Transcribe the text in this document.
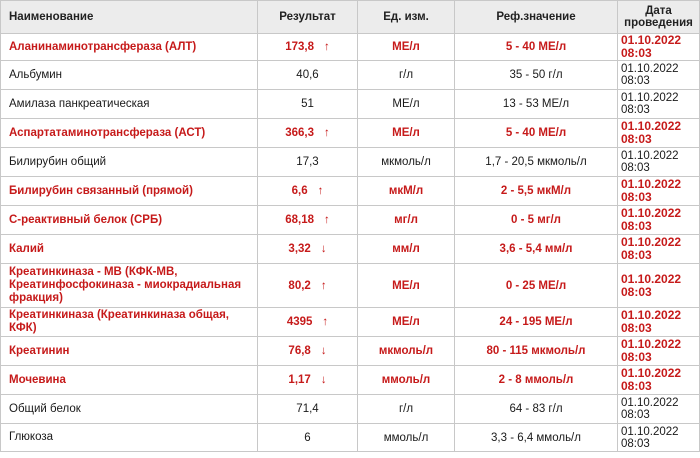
Наименование	Результат	Ед. изм.	Реф.значение	Дата проведения
Аланинаминотрансфераза (АЛТ)	173,8 ↑	МЕ/л	5 - 40 МЕ/л	01.10.2022
08:03
Альбумин	40,6	г/л	35 - 50 г/л	01.10.2022
08:03
Амилаза панкреатическая	51	МЕ/л	13 - 53 МЕ/л	01.10.2022
08:03
Аспартатаминотрансфераза (АСТ)	366,3 ↑	МЕ/л	5 - 40 МЕ/л	01.10.2022
08:03
Билирубин общий	17,3	мкмоль/л	1,7 - 20,5 мкмоль/л	01.10.2022
08:03
Билирубин связанный (прямой)	6,6 ↑	мкМ/л	2 - 5,5 мкМ/л	01.10.2022
08:03
С-реактивный белок (СРБ)	68,18 ↑	мг/л	0 - 5 мг/л	01.10.2022
08:03
Калий	3,32 ↓	мм/л	3,6 - 5,4 мм/л	01.10.2022
08:03
Креатинкиназа - МВ (КФК-МВ, Креатинфосфокиназа - миокрадиальная фракция)	80,2 ↑	МЕ/л	0 - 25 МЕ/л	01.10.2022
08:03
Креатинкиназа (Креатинкиназа общая, КФК)	4395 ↑	МЕ/л	24 - 195 МЕ/л	01.10.2022
08:03
Креатинин	76,8 ↓	мкмоль/л	80 - 115 мкмоль/л	01.10.2022
08:03
Мочевина	1,17 ↓	ммоль/л	2 - 8 ммоль/л	01.10.2022
08:03
Общий белок	71,4	г/л	64 - 83 г/л	01.10.2022
08:03
Глюкоза	6	ммоль/л	3,3 - 6,4 ммоль/л	01.10.2022
08:03
